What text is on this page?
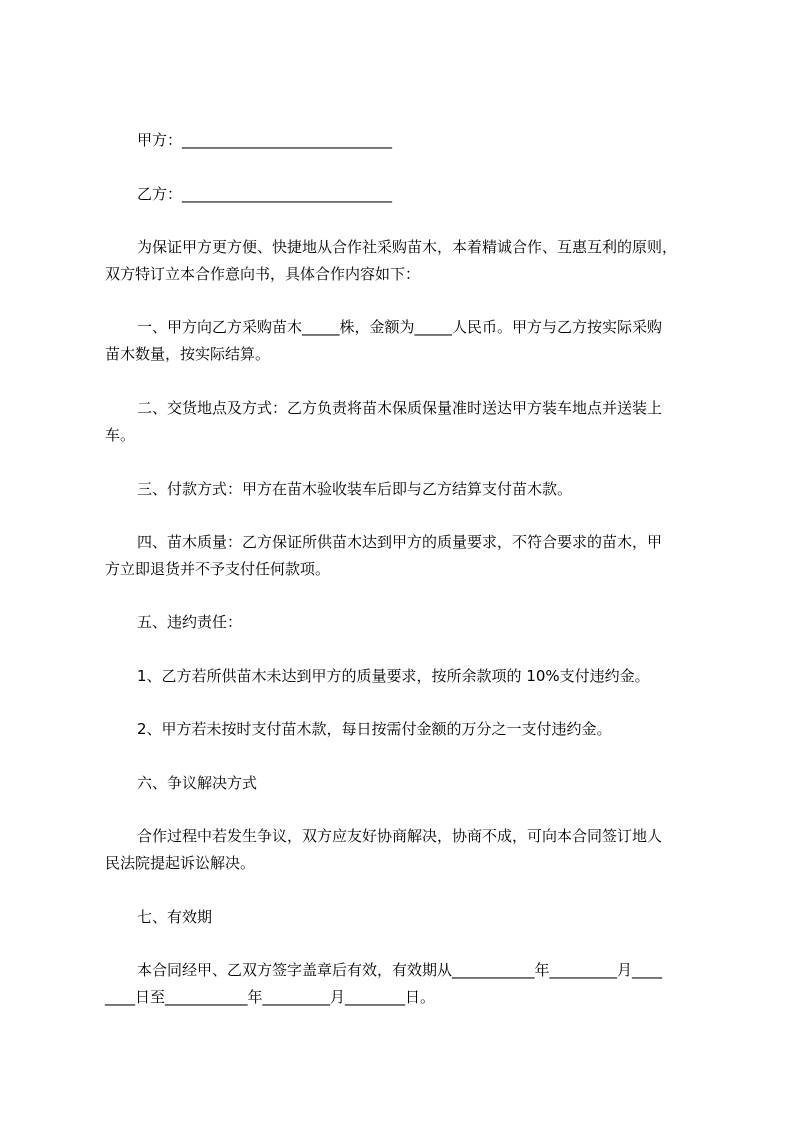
甲方：____________________________
乙方：____________________________
为保证甲方更方便、快捷地从合作社采购苗木，本着精诚合作、互惠互利的原则，
双方特订立本合作意向书，具体合作内容如下：
一、甲方向乙方采购苗木_____株，金额为_____人民币。甲方与乙方按实际采购
苗木数量，按实际结算。
二、交货地点及方式：乙方负责将苗木保质保量准时送达甲方装车地点并送装上
车。
三、付款方式：甲方在苗木验收装车后即与乙方结算支付苗木款。
四、苗木质量：乙方保证所供苗木达到甲方的质量要求，不符合要求的苗木，甲
方立即退货并不予支付任何款项。
五、违约责任：
1、乙方若所供苗木未达到甲方的质量要求，按所余款项的 10%支付违约金。
2、甲方若未按时支付苗木款，每日按需付金额的万分之一支付违约金。
六、争议解决方式
合作过程中若发生争议，双方应友好协商解决，协商不成，可向本合同签订地人
民法院提起诉讼解决。
七、有效期
本合同经甲、乙双方签字盖章后有效，有效期从___________年_________月____
____日至___________年_________月________日。
